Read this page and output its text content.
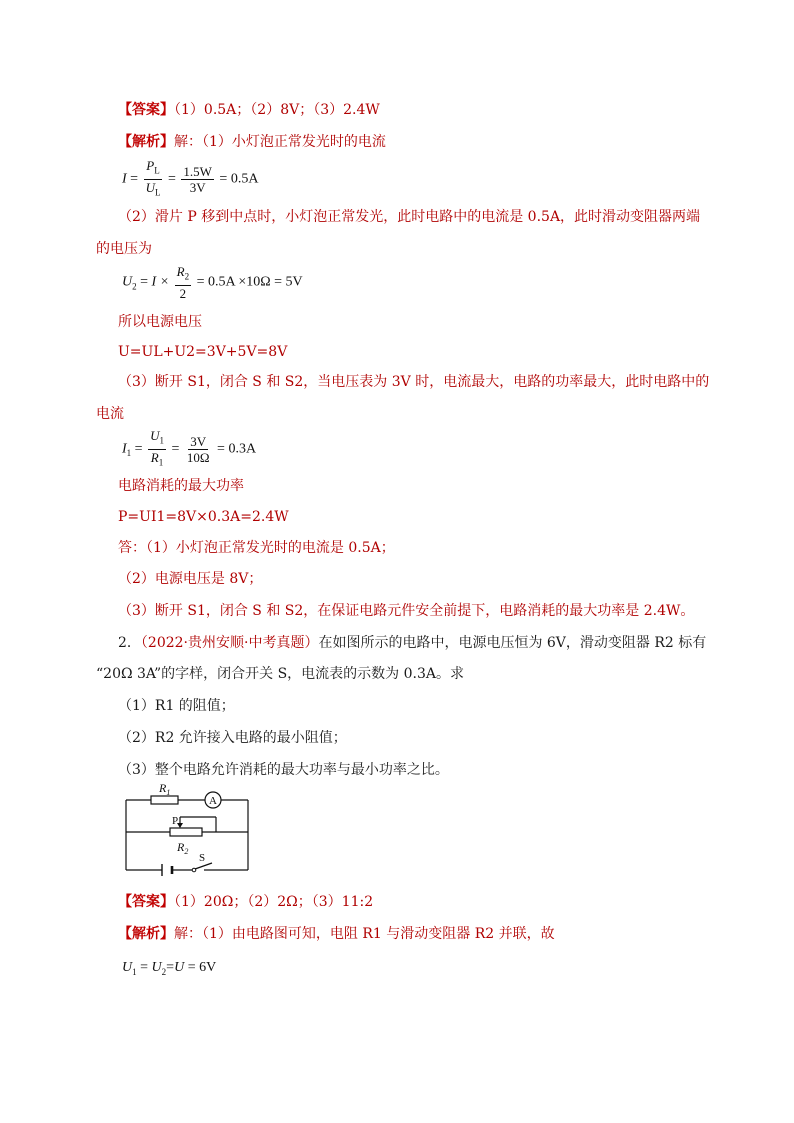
【答案】（1）0.5A；（2）8V；（3）2.4W
【解析】解：（1）小灯泡正常发光时的电流
$I = \frac{P_L}{U_L} = \frac{1.5W}{3V} = 0.5A$
（2）滑片 P 移到中点时，小灯泡正常发光，此时电路中的电流是 0.5A，此时滑动变阻器两端
的电压为
$U_2 = I \times \frac{R_2}{2} = 0.5A \times 10\Omega = 5V$
所以电源电压
U=UL+U2=3V+5V=8V
（3）断开 S1，闭合 S 和 S2，当电压表为 3V 时，电流最大，电路的功率最大，此时电路中的
电流
$I_1 = \frac{U_1}{R_1} = \frac{3V}{10\Omega} = 0.3A$
电路消耗的最大功率
P=UI1=8V×0.3A=2.4W
答：（1）小灯泡正常发光时的电流是 0.5A；
（2）电源电压是 8V；
（3）断开 S1，闭合 S 和 S2，在保证电路元件安全前提下，电路消耗的最大功率是 2.4W。
2．（2022·贵州安顺·中考真题）在如图所示的电路中，电源电压恒为 6V，滑动变阻器 R2 标有
“20Ω 3A”的字样，闭合开关 S，电流表的示数为 0.3A。求
（1）R1 的阻值；
（2）R2 允许接入电路的最小阻值；
（3）整个电路允许消耗的最大功率与最小功率之比。
A
$R_1$
P
$R_2$
S
【答案】（1）20Ω；（2）2Ω；（3）11:2
【解析】解：（1）由电路图可知，电阻 R1 与滑动变阻器 R2 并联，故
$U_1 = U_2=U = 6V$
